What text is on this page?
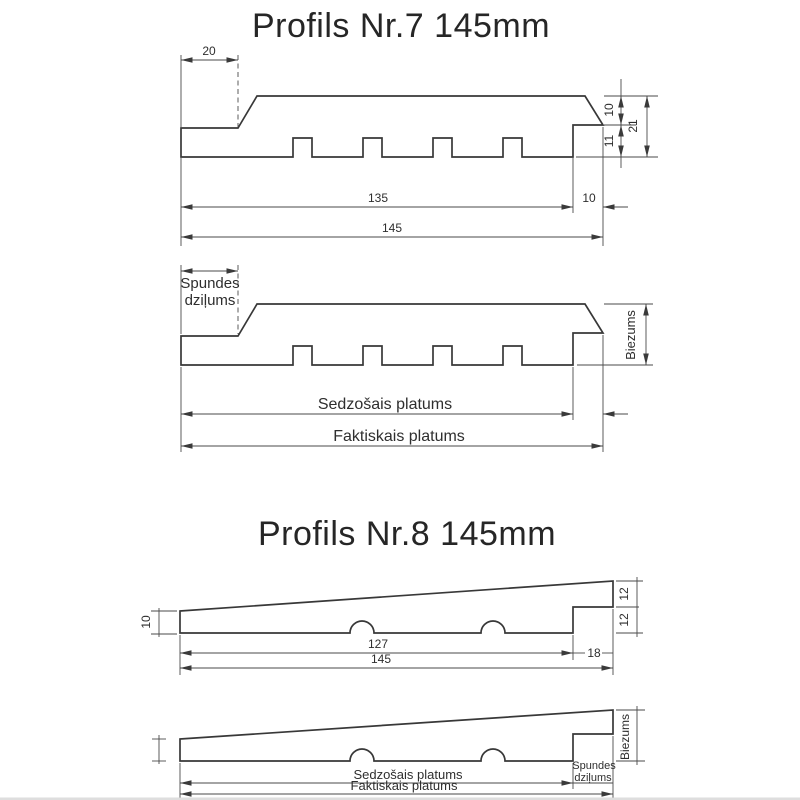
Profils Nr.7 145mm
20
10
11
21
135	10
145
Spundes
dziļums
Biezums
Sedzošais platums
Faktiskais platums
Profils Nr.8 145mm
10
12
12
127
18
145
Biezums
Sedzošais platums
Spundes
dziļums
Faktiskais platums
